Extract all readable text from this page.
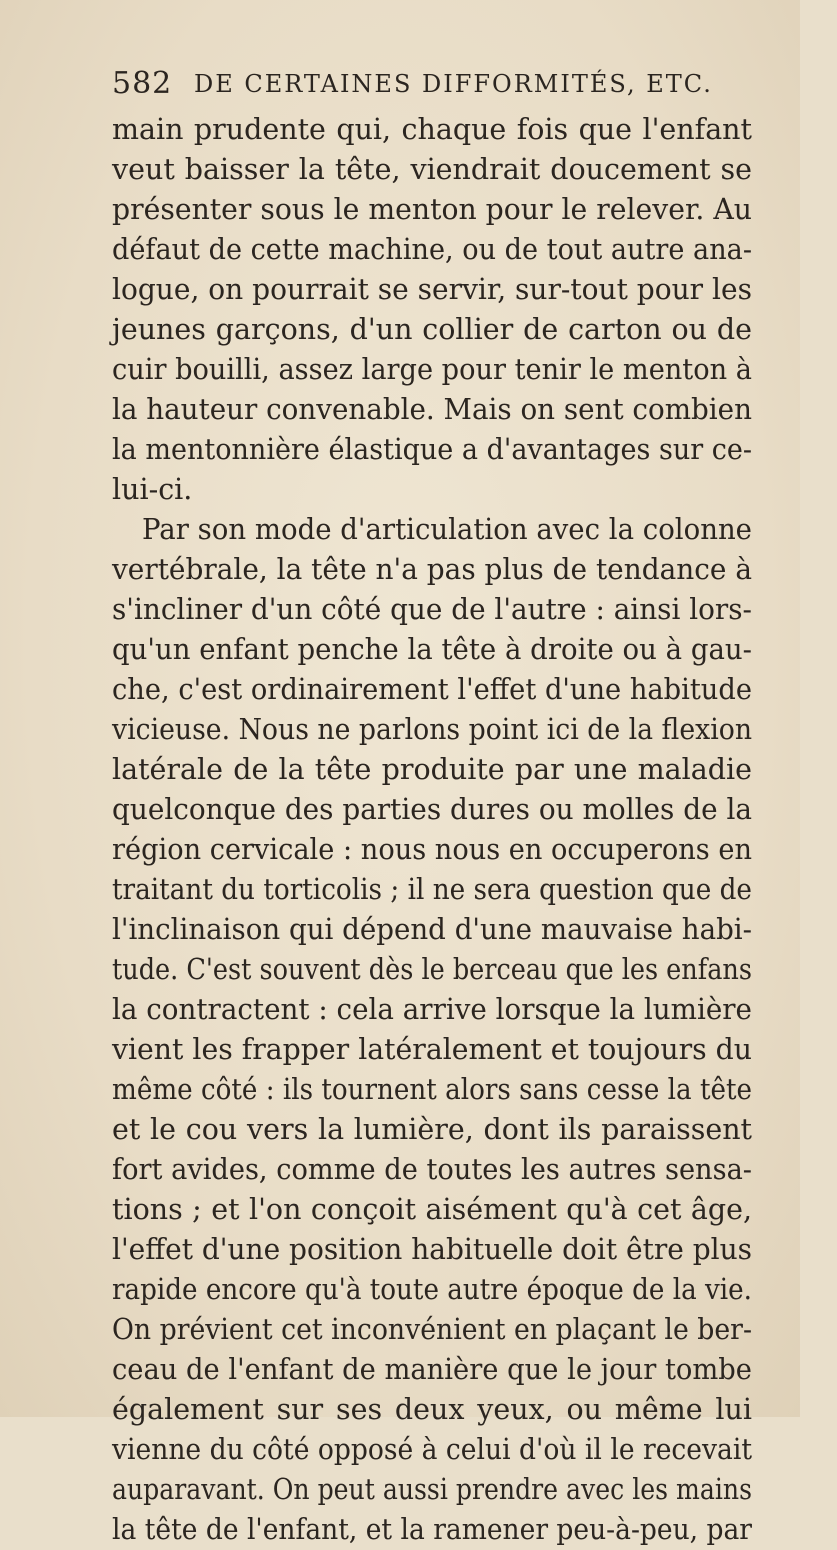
582 DE CERTAINES DIFFORMITÉS, ETC.
main prudente qui, chaque fois que l'enfant
veut baisser la tête, viendrait doucement se
présenter sous le menton pour le relever. Au
défaut de cette machine, ou de tout autre ana-
logue, on pourrait se servir, sur-tout pour les
jeunes garçons, d'un collier de carton ou de
cuir bouilli, assez large pour tenir le menton à
la hauteur convenable. Mais on sent combien
la mentonnière élastique a d'avantages sur ce-
lui-ci.
Par son mode d'articulation avec la colonne
vertébrale, la tête n'a pas plus de tendance à
s'incliner d'un côté que de l'autre : ainsi lors-
qu'un enfant penche la tête à droite ou à gau-
che, c'est ordinairement l'effet d'une habitude
vicieuse. Nous ne parlons point ici de la flexion
latérale de la tête produite par une maladie
quelconque des parties dures ou molles de la
région cervicale : nous nous en occuperons en
traitant du torticolis ; il ne sera question que de
l'inclinaison qui dépend d'une mauvaise habi-
tude. C'est souvent dès le berceau que les enfans
la contractent : cela arrive lorsque la lumière
vient les frapper latéralement et toujours du
même côté : ils tournent alors sans cesse la tête
et le cou vers la lumière, dont ils paraissent
fort avides, comme de toutes les autres sensa-
tions ; et l'on conçoit aisément qu'à cet âge,
l'effet d'une position habituelle doit être plus
rapide encore qu'à toute autre époque de la vie.
On prévient cet inconvénient en plaçant le ber-
ceau de l'enfant de manière que le jour tombe
également sur ses deux yeux, ou même lui
vienne du côté opposé à celui d'où il le recevait
auparavant. On peut aussi prendre avec les mains
la tête de l'enfant, et la ramener peu-à-peu, par
